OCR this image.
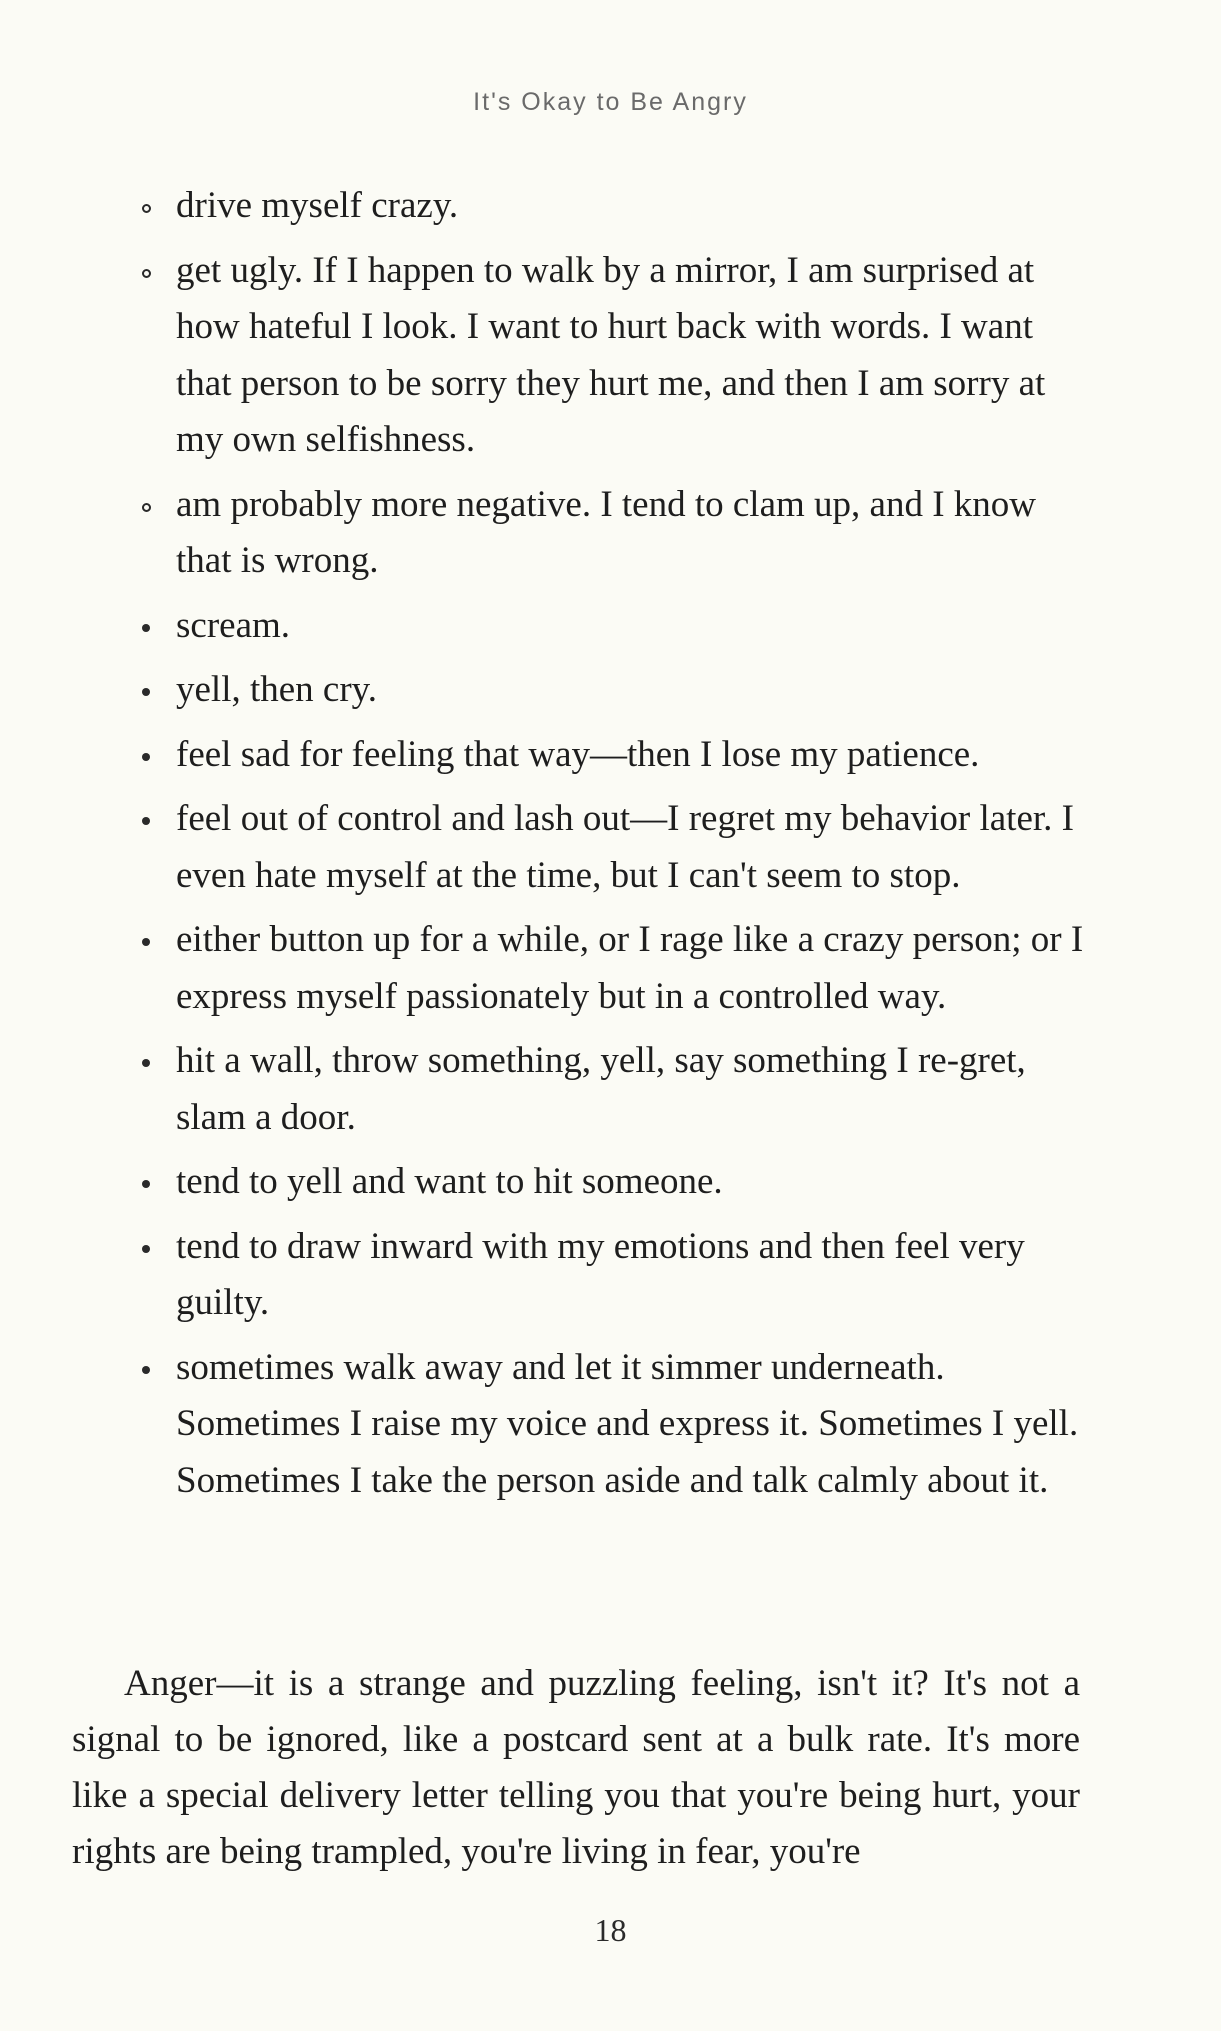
It's Okay to Be Angry
drive myself crazy.
get ugly. If I happen to walk by a mirror, I am surprised at how hateful I look. I want to hurt back with words. I want that person to be sorry they hurt me, and then I am sorry at my own selfishness.
am probably more negative. I tend to clam up, and I know that is wrong.
scream.
yell, then cry.
feel sad for feeling that way—then I lose my patience.
feel out of control and lash out—I regret my behavior later. I even hate myself at the time, but I can't seem to stop.
either button up for a while, or I rage like a crazy person; or I express myself passionately but in a controlled way.
hit a wall, throw something, yell, say something I re-gret, slam a door.
tend to yell and want to hit someone.
tend to draw inward with my emotions and then feel very guilty.
sometimes walk away and let it simmer underneath. Sometimes I raise my voice and express it. Sometimes I yell. Sometimes I take the person aside and talk calmly about it.

Anger—it is a strange and puzzling feeling, isn't it? It's not a signal to be ignored, like a postcard sent at a bulk rate. It's more like a special delivery letter telling you that you're being hurt, your rights are being trampled, you're living in fear, you're

18
